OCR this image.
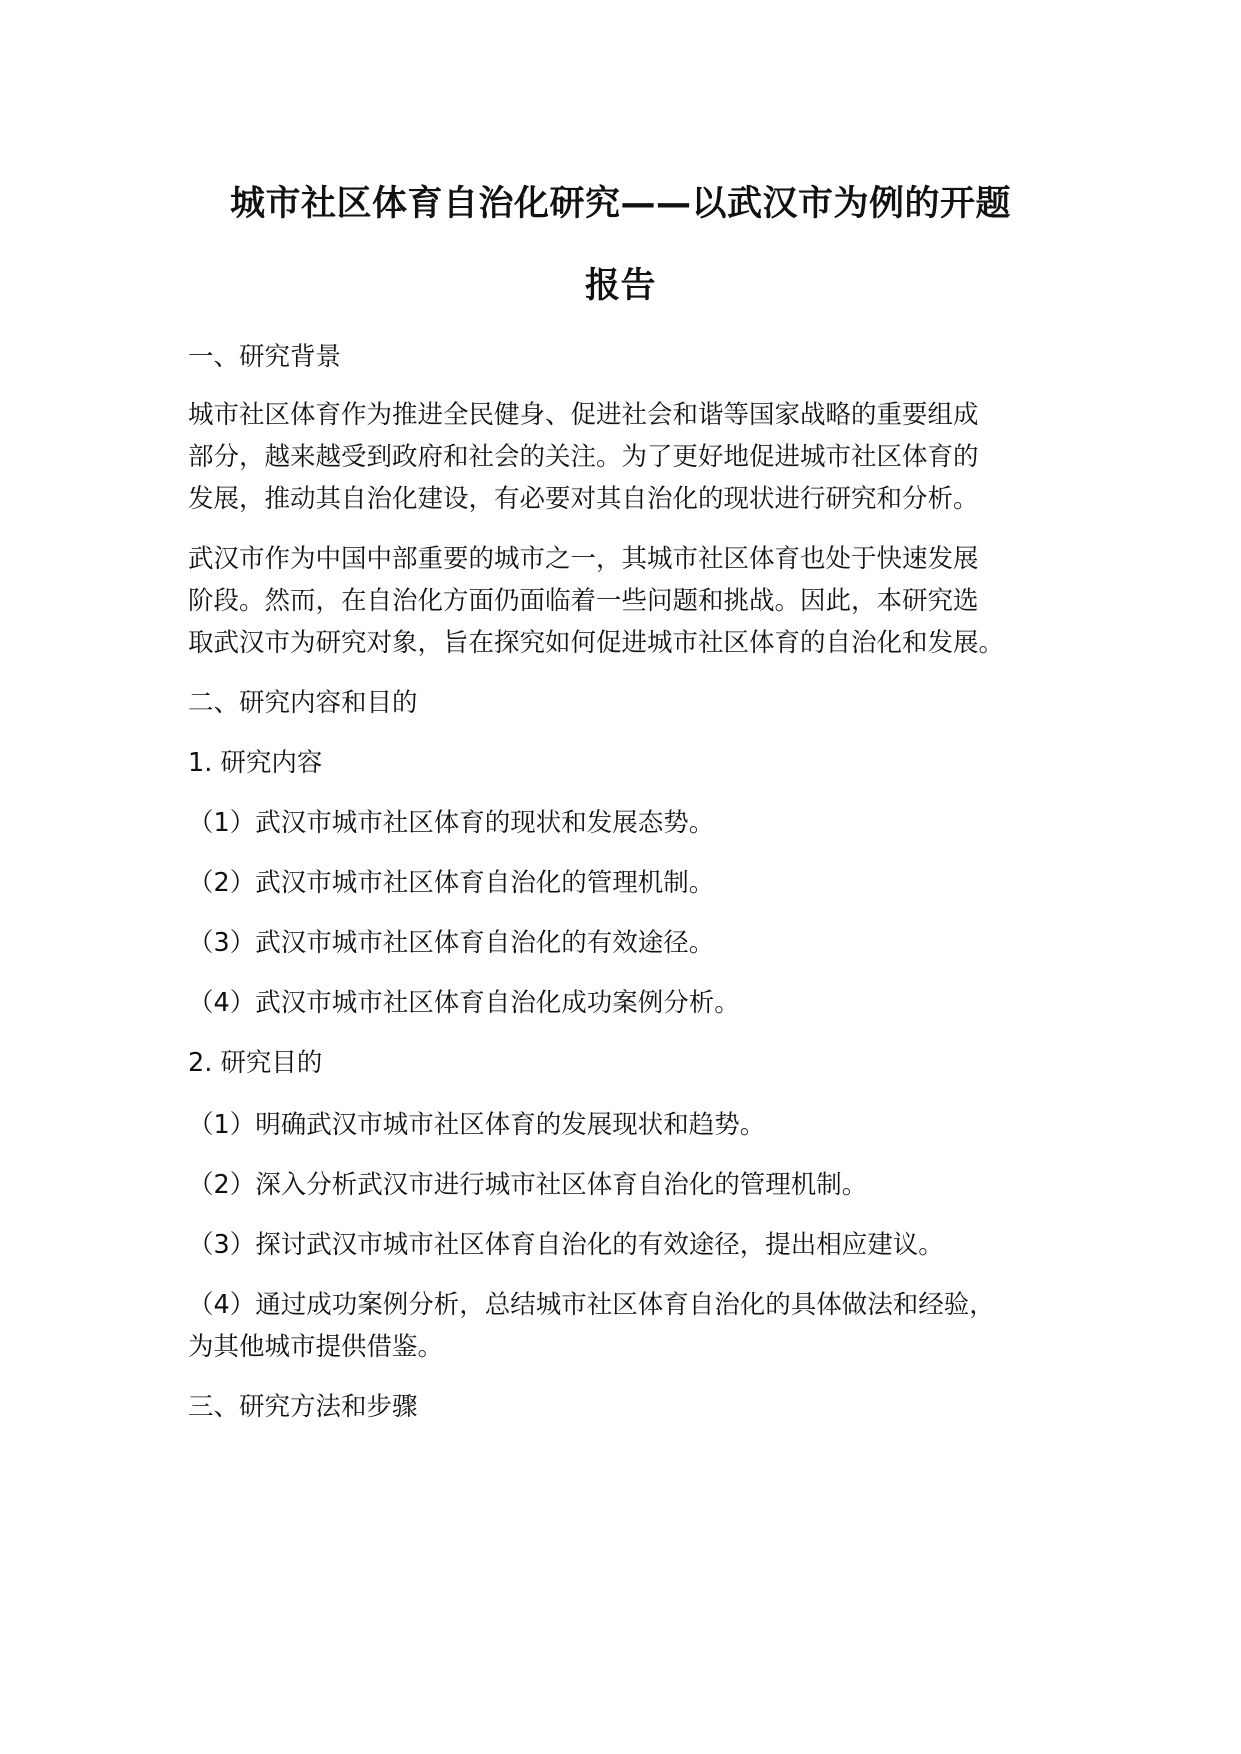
城市社区体育自治化研究——以武汉市为例的开题
报告

一、研究背景

城市社区体育作为推进全民健身、促进社会和谐等国家战略的重要组成

部分，越来越受到政府和社会的关注。为了更好地促进城市社区体育的

发展，推动其自治化建设，有必要对其自治化的现状进行研究和分析。

武汉市作为中国中部重要的城市之一，其城市社区体育也处于快速发展

阶段。然而，在自治化方面仍面临着一些问题和挑战。因此，本研究选

取武汉市为研究对象，旨在探究如何促进城市社区体育的自治化和发展。

二、研究内容和目的

1. 研究内容

（1）武汉市城市社区体育的现状和发展态势。

（2）武汉市城市社区体育自治化的管理机制。

（3）武汉市城市社区体育自治化的有效途径。

（4）武汉市城市社区体育自治化成功案例分析。

2. 研究目的

（1）明确武汉市城市社区体育的发展现状和趋势。

（2）深入分析武汉市进行城市社区体育自治化的管理机制。

（3）探讨武汉市城市社区体育自治化的有效途径，提出相应建议。

（4）通过成功案例分析，总结城市社区体育自治化的具体做法和经验，

为其他城市提供借鉴。

三、研究方法和步骤
